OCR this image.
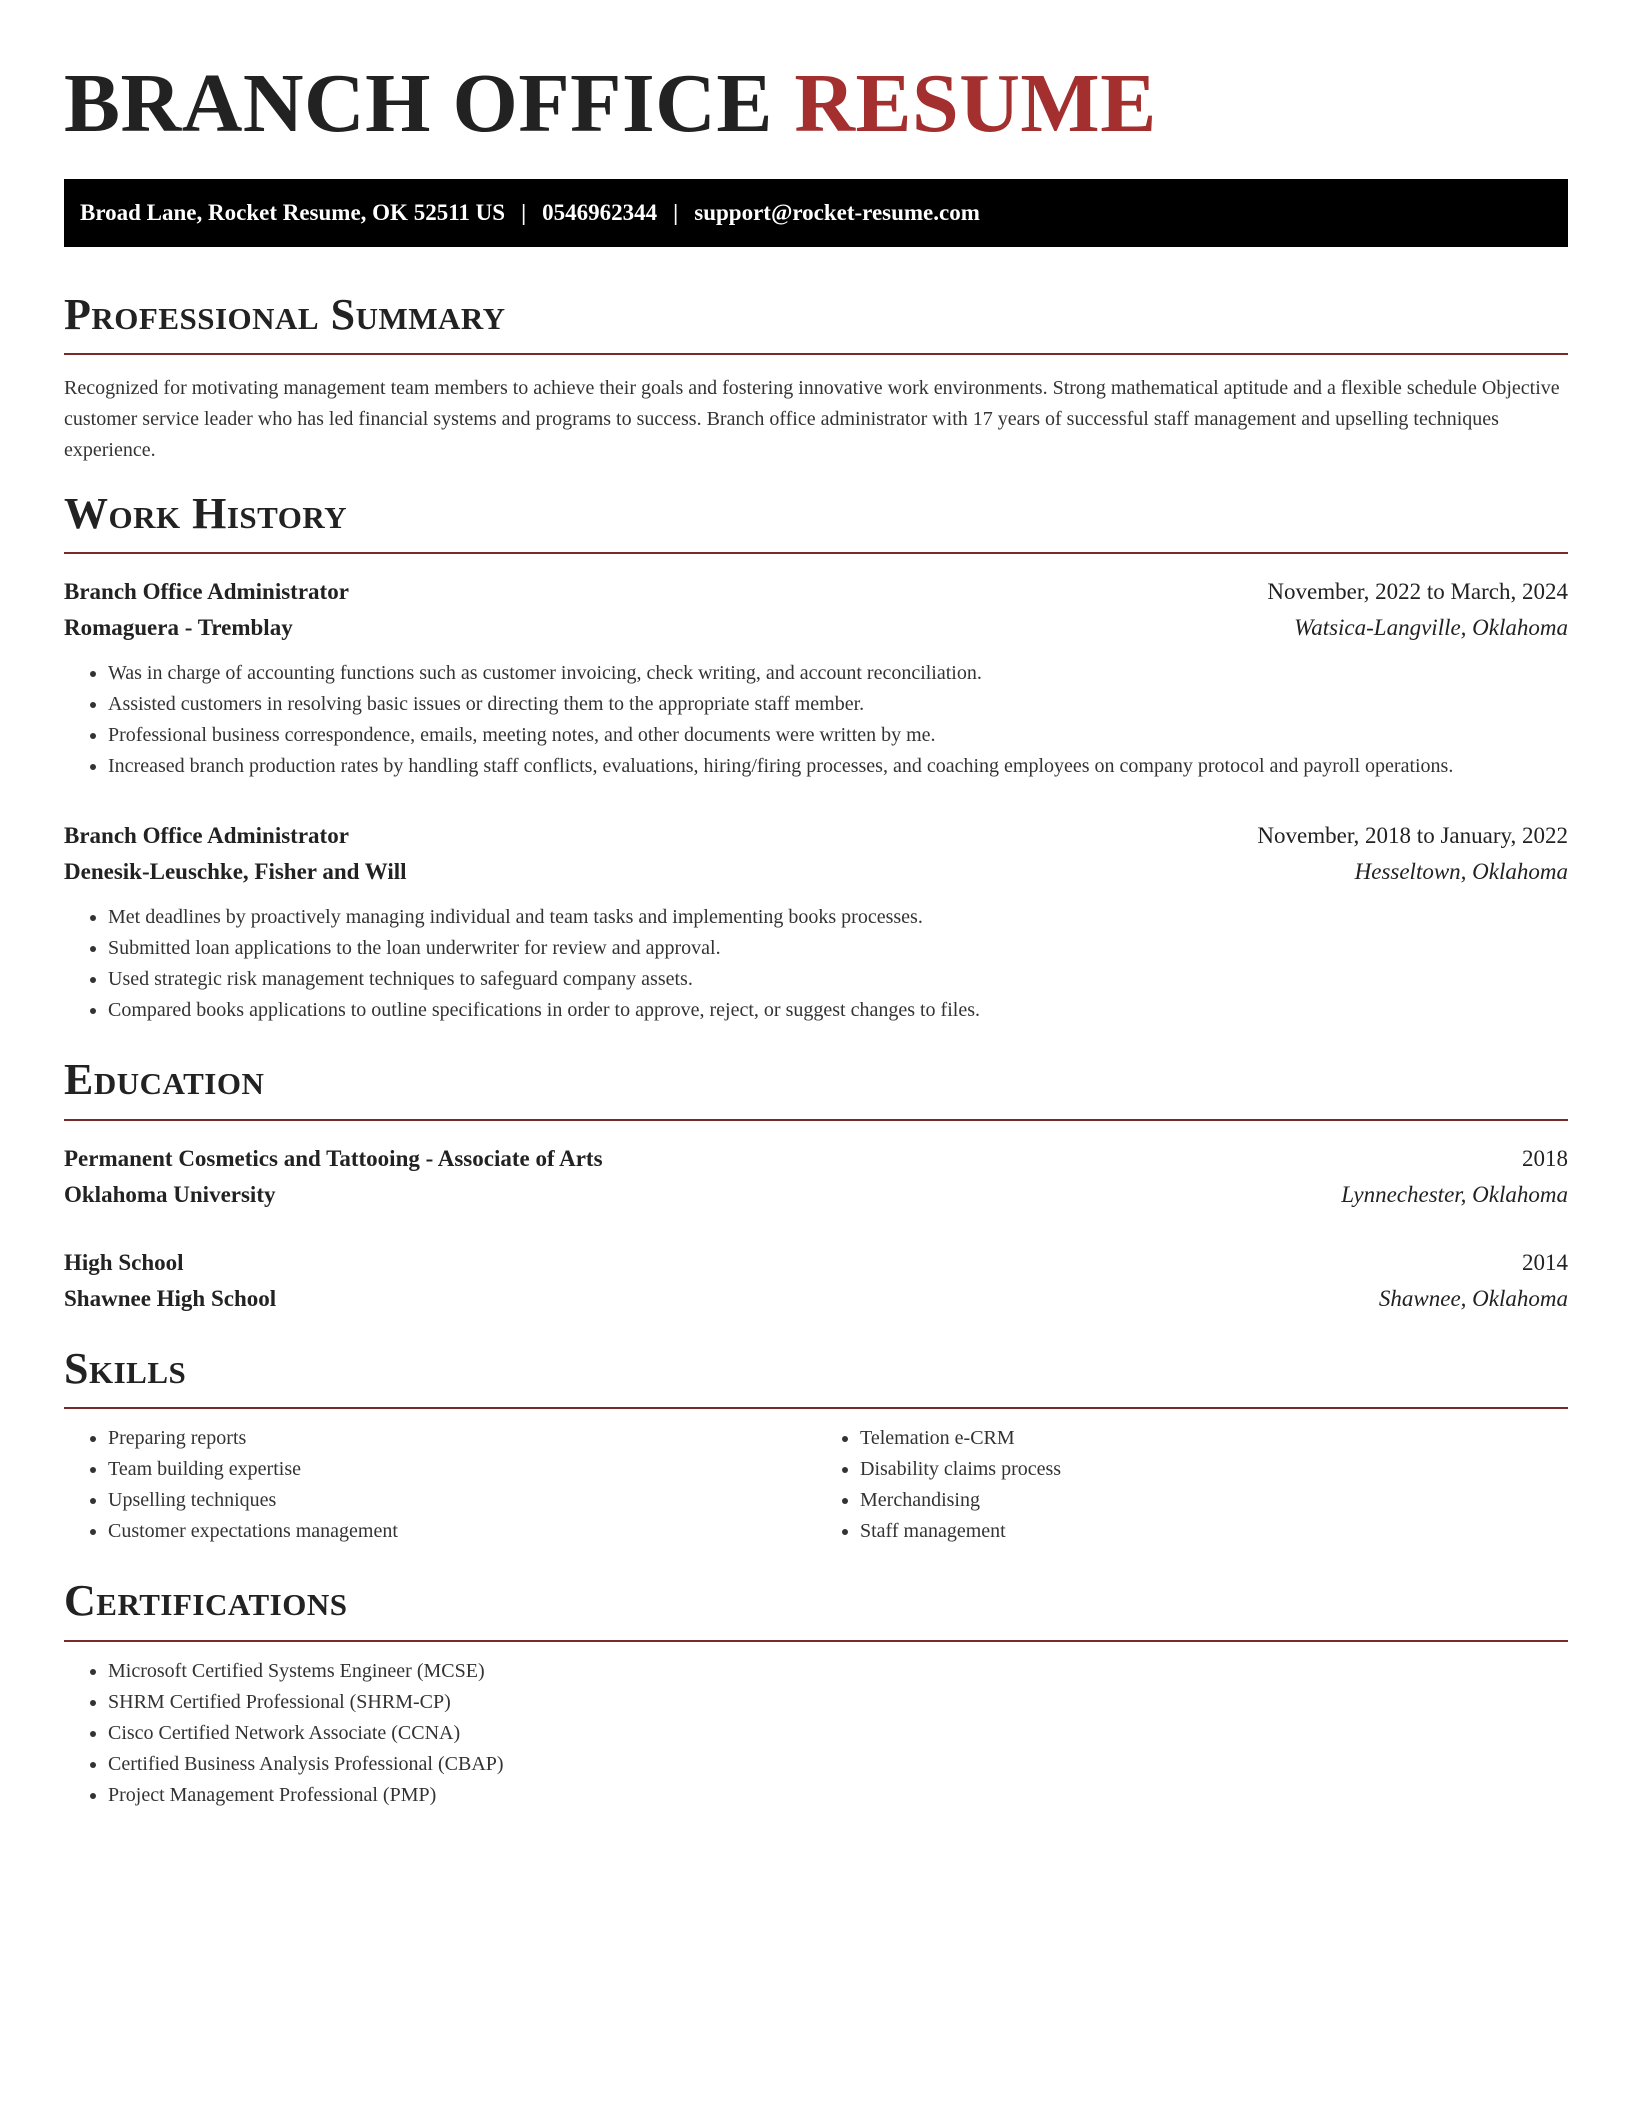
BRANCH OFFICE RESUME
Broad Lane, Rocket Resume, OK 52511 US | 0546962344 | support@rocket-resume.com
Professional Summary

Recognized for motivating management team members to achieve their goals and fostering innovative work environments. Strong mathematical aptitude and a flexible schedule Objective customer service leader who has led financial systems and programs to success. Branch office administrator with 17 years of successful staff management and upselling techniques experience.

Work History
Branch Office Administrator	November, 2022 to March, 2024
Romaguera - Tremblay	Watsica-Langville, Oklahoma
• Was in charge of accounting functions such as customer invoicing, check writing, and account reconciliation.
• Assisted customers in resolving basic issues or directing them to the appropriate staff member.
• Professional business correspondence, emails, meeting notes, and other documents were written by me.
• Increased branch production rates by handling staff conflicts, evaluations, hiring/firing processes, and coaching employees on company protocol and payroll operations.
Branch Office Administrator	November, 2018 to January, 2022
Denesik-Leuschke, Fisher and Will	Hesseltown, Oklahoma
• Met deadlines by proactively managing individual and team tasks and implementing books processes.
• Submitted loan applications to the loan underwriter for review and approval.
• Used strategic risk management techniques to safeguard company assets.
• Compared books applications to outline specifications in order to approve, reject, or suggest changes to files.
Education
Permanent Cosmetics and Tattooing - Associate of Arts	2018
Oklahoma University	Lynnechester, Oklahoma
High School	2014
Shawnee High School	Shawnee, Oklahoma
Skills
• Preparing reports
• Team building expertise
• Upselling techniques
• Customer expectations management
• Telemation e-CRM
• Disability claims process
• Merchandising
• Staff management
Certifications
• Microsoft Certified Systems Engineer (MCSE)
• SHRM Certified Professional (SHRM-CP)
• Cisco Certified Network Associate (CCNA)
• Certified Business Analysis Professional (CBAP)
• Project Management Professional (PMP)
